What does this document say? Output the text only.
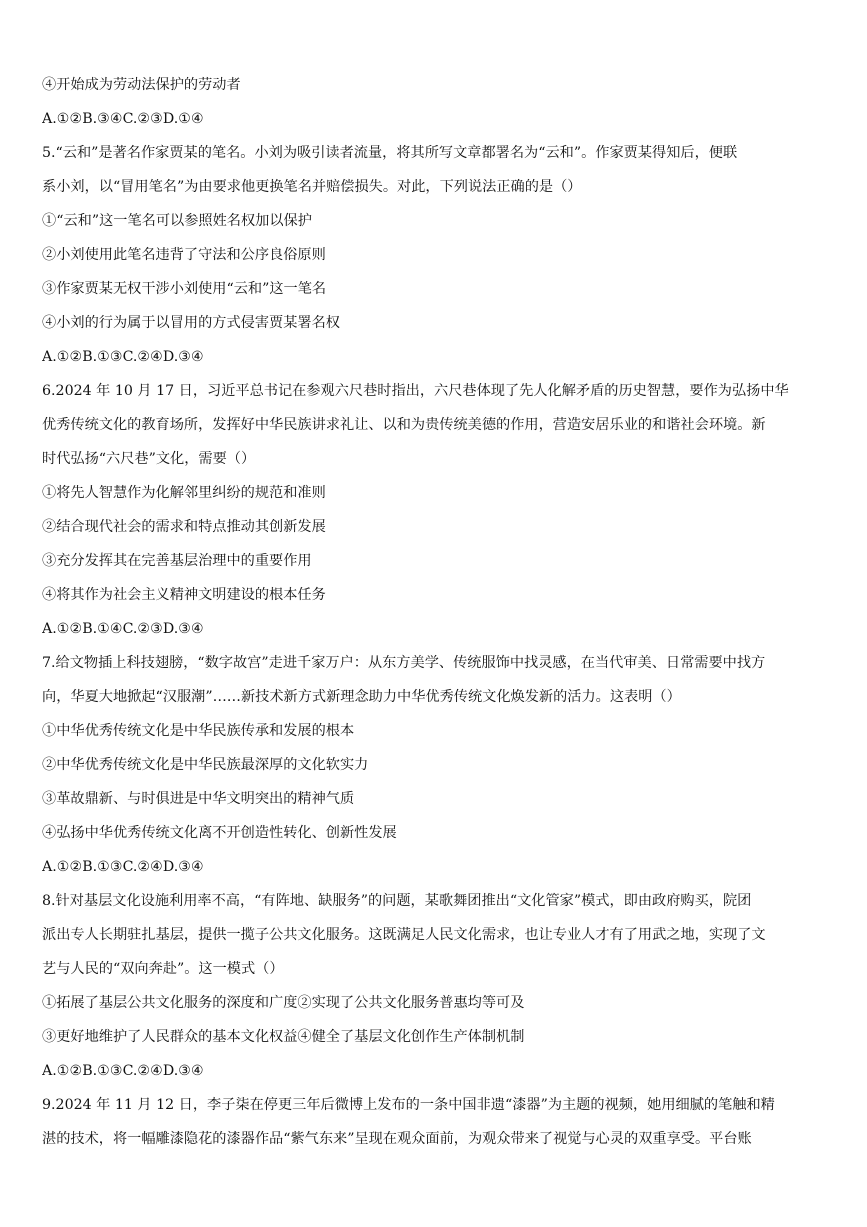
④开始成为劳动法保护的劳动者
A.①②B.③④C.②③D.①④
5.“云和”是著名作家贾某的笔名。小刘为吸引读者流量，将其所写文章都署名为“云和”。作家贾某得知后，便联
系小刘，以“冒用笔名”为由要求他更换笔名并赔偿损失。对此，下列说法正确的是（）
①“云和”这一笔名可以参照姓名权加以保护
②小刘使用此笔名违背了守法和公序良俗原则
③作家贾某无权干涉小刘使用“云和”这一笔名
④小刘的行为属于以冒用的方式侵害贾某署名权
A.①②B.①③C.②④D.③④
6.2024 年 10 月 17 日，习近平总书记在参观六尺巷时指出，六尺巷体现了先人化解矛盾的历史智慧，要作为弘扬中华
优秀传统文化的教育场所，发挥好中华民族讲求礼让、以和为贵传统美德的作用，营造安居乐业的和谐社会环境。新
时代弘扬“六尺巷”文化，需要（）
①将先人智慧作为化解邻里纠纷的规范和准则
②结合现代社会的需求和特点推动其创新发展
③充分发挥其在完善基层治理中的重要作用
④将其作为社会主义精神文明建设的根本任务
A.①②B.①④C.②③D.③④
7.给文物插上科技翅膀，“数字故宫”走进千家万户：从东方美学、传统服饰中找灵感，在当代审美、日常需要中找方
向，华夏大地掀起“汉服潮”……新技术新方式新理念助力中华优秀传统文化焕发新的活力。这表明（）
①中华优秀传统文化是中华民族传承和发展的根本
②中华优秀传统文化是中华民族最深厚的文化软实力
③革故鼎新、与时俱进是中华文明突出的精神气质
④弘扬中华优秀传统文化离不开创造性转化、创新性发展
A.①②B.①③C.②④D.③④
8.针对基层文化设施利用率不高，“有阵地、缺服务”的问题，某歌舞团推出“文化管家”模式，即由政府购买，院团
派出专人长期驻扎基层，提供一揽子公共文化服务。这既满足人民文化需求，也让专业人才有了用武之地，实现了文
艺与人民的“双向奔赴”。这一模式（）
①拓展了基层公共文化服务的深度和广度②实现了公共文化服务普惠均等可及
③更好地维护了人民群众的基本文化权益④健全了基层文化创作生产体制机制
A.①②B.①③C.②④D.③④
9.2024 年 11 月 12 日，李子柒在停更三年后微博上发布的一条中国非遗“漆器”为主题的视频，她用细腻的笔触和精
湛的技术，将一幅雕漆隐花的漆器作品“紫气东来”呈现在观众面前，为观众带来了视觉与心灵的双重享受。平台账
